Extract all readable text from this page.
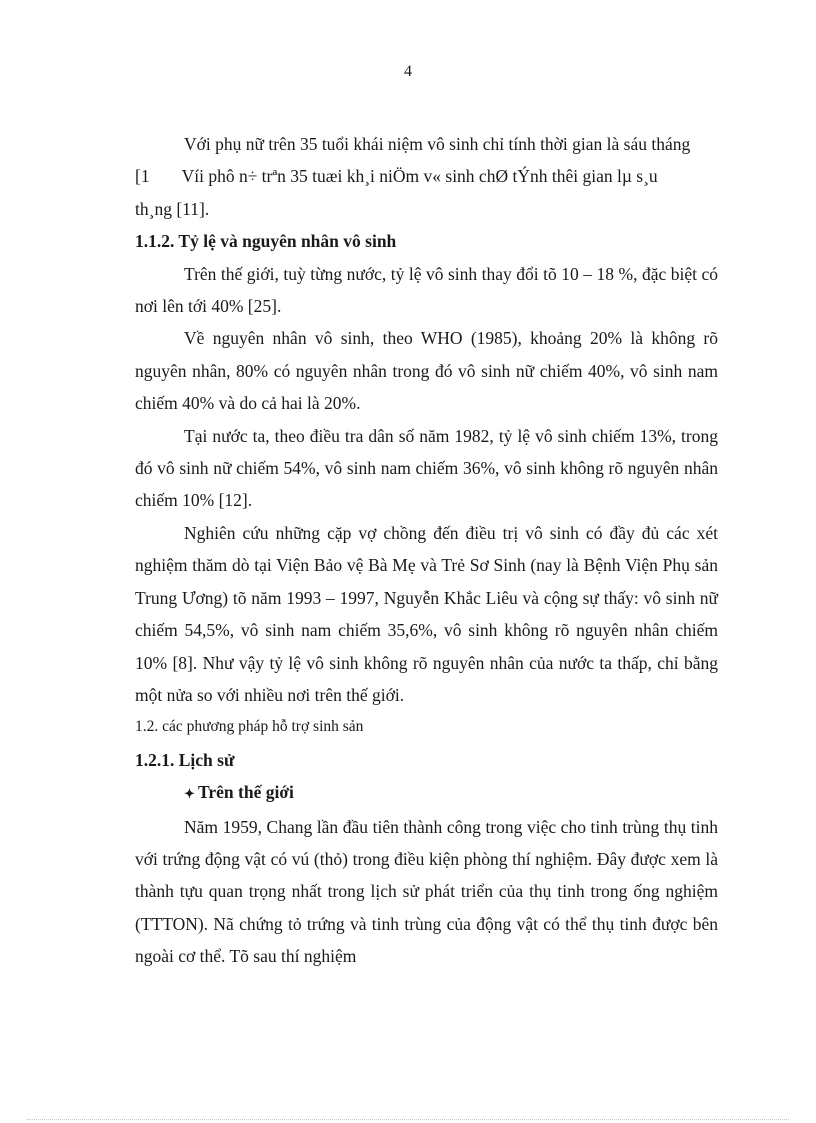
4

Với phụ nữ trên 35 tuổi khái niệm vô sinh chỉ tính thời gian là sáu tháng

[1 Víi phô n÷ trªn 35 tuæi kh¸i niÖm v« sinh chØ tÝnh thêi gian lµ s¸u

th¸ng [11].

1.1.2. Tỷ lệ và nguyên nhân vô sinh

Trên thế giới, tuỳ từng nước, tỷ lệ vô sinh thay đổi tõ 10 – 18 %, đặc biệt có nơi lên tới 40% [25].

Về nguyên nhân vô sinh, theo WHO (1985), khoảng 20% là không rõ nguyên nhân, 80% có nguyên nhân trong đó vô sinh nữ chiếm 40%, vô sinh nam chiếm 40% và do cả hai là 20%.

Tại nước ta, theo điều tra dân số năm 1982, tỷ lệ vô sinh chiếm 13%, trong đó vô sinh nữ chiếm 54%, vô sinh nam chiếm 36%, vô sinh không rõ nguyên nhân chiếm 10% [12].

Nghiên cứu những cặp vợ chồng đến điều trị vô sinh có đầy đủ các xét nghiệm thăm dò tại Viện Bảo vệ Bà Mẹ và Trẻ Sơ Sinh (nay là Bệnh Viện Phụ sản Trung Ương) tõ năm 1993 – 1997, Nguyễn Khắc Liêu và cộng sự thấy: vô sinh nữ chiếm 54,5%, vô sinh nam chiếm 35,6%, vô sinh không rõ nguyên nhân chiếm 10% [8]. Như vậy tỷ lệ vô sinh không rõ nguyên nhân của nước ta thấp, chỉ bằng một nửa so với nhiều nơi trên thế giới.

1.2. các phương pháp hỗ trợ sinh sản

1.2.1. Lịch sử

✦ Trên thế giới

Năm 1959, Chang lần đầu tiên thành công trong việc cho tinh trùng thụ tinh với trứng động vật có vú (thỏ) trong điều kiện phòng thí nghiệm. Đây được xem là thành tựu quan trọng nhất trong lịch sử phát triển của thụ tinh trong ống nghiệm (TTTON). Nã chứng tỏ trứng và tinh trùng của động vật có thể thụ tinh được bên ngoài cơ thể. Tõ sau thí nghiệm
